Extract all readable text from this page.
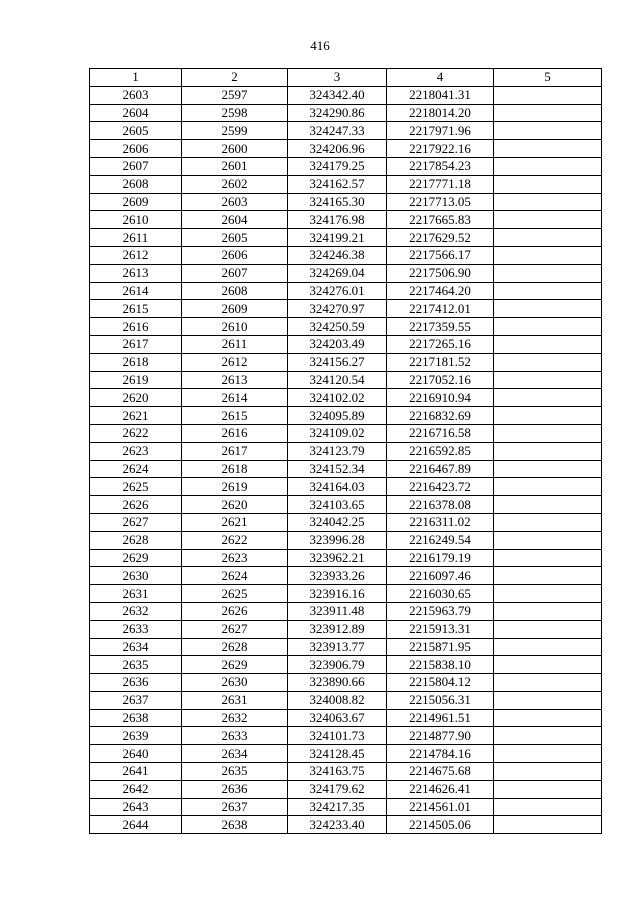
416
1	2	3	4	5
2603	2597	324342.40	2218041.31	
2604	2598	324290.86	2218014.20	
2605	2599	324247.33	2217971.96	
2606	2600	324206.96	2217922.16	
2607	2601	324179.25	2217854.23	
2608	2602	324162.57	2217771.18	
2609	2603	324165.30	2217713.05	
2610	2604	324176.98	2217665.83	
2611	2605	324199.21	2217629.52	
2612	2606	324246.38	2217566.17	
2613	2607	324269.04	2217506.90	
2614	2608	324276.01	2217464.20	
2615	2609	324270.97	2217412.01	
2616	2610	324250.59	2217359.55	
2617	2611	324203.49	2217265.16	
2618	2612	324156.27	2217181.52	
2619	2613	324120.54	2217052.16	
2620	2614	324102.02	2216910.94	
2621	2615	324095.89	2216832.69	
2622	2616	324109.02	2216716.58	
2623	2617	324123.79	2216592.85	
2624	2618	324152.34	2216467.89	
2625	2619	324164.03	2216423.72	
2626	2620	324103.65	2216378.08	
2627	2621	324042.25	2216311.02	
2628	2622	323996.28	2216249.54	
2629	2623	323962.21	2216179.19	
2630	2624	323933.26	2216097.46	
2631	2625	323916.16	2216030.65	
2632	2626	323911.48	2215963.79	
2633	2627	323912.89	2215913.31	
2634	2628	323913.77	2215871.95	
2635	2629	323906.79	2215838.10	
2636	2630	323890.66	2215804.12	
2637	2631	324008.82	2215056.31	
2638	2632	324063.67	2214961.51	
2639	2633	324101.73	2214877.90	
2640	2634	324128.45	2214784.16	
2641	2635	324163.75	2214675.68	
2642	2636	324179.62	2214626.41	
2643	2637	324217.35	2214561.01	
2644	2638	324233.40	2214505.06	
